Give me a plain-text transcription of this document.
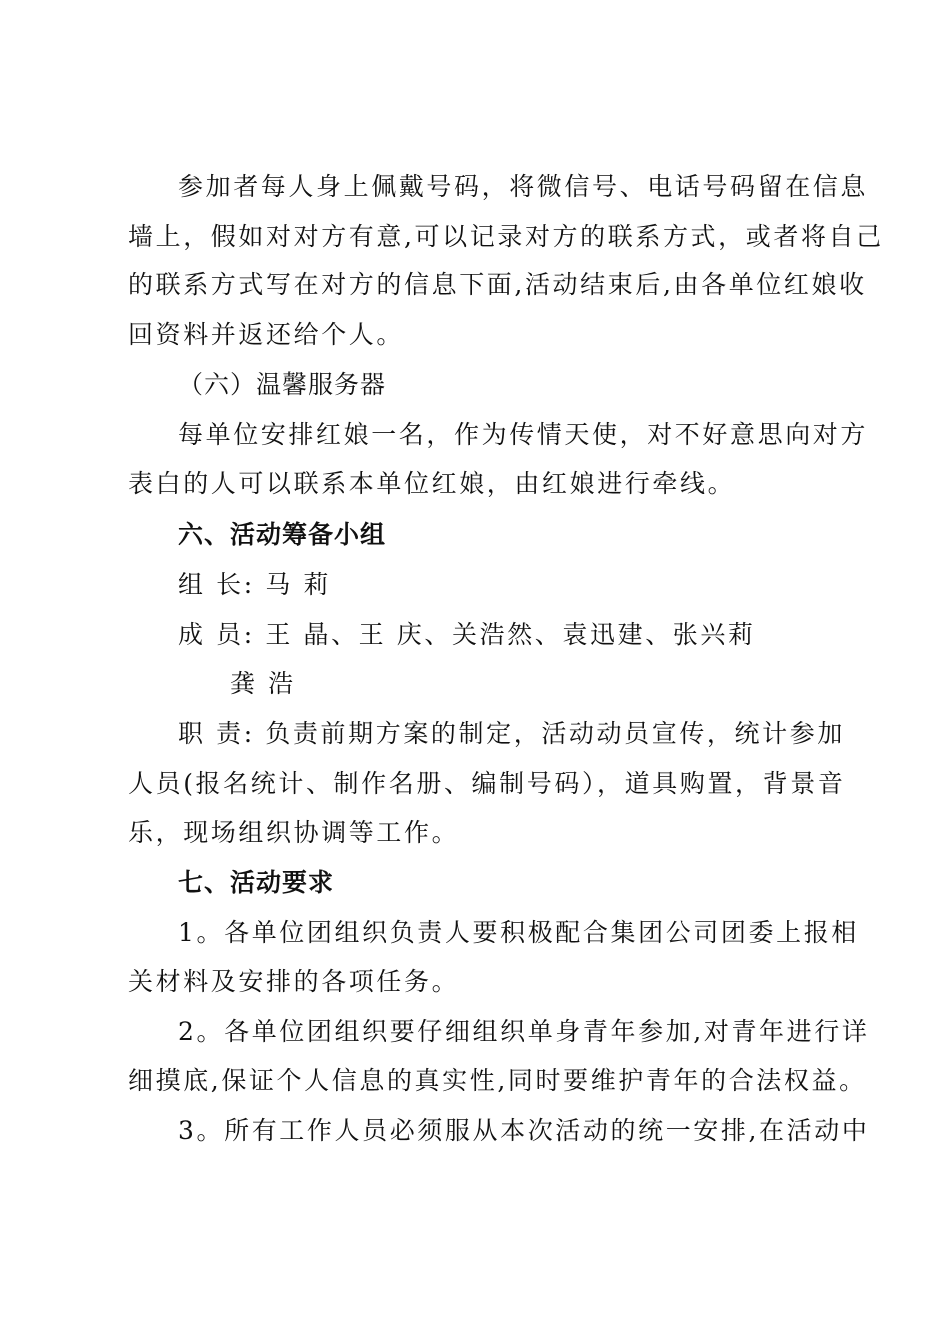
参加者每人身上佩戴号码，将微信号、电话号码留在信息
墙上，假如对对方有意,可以记录对方的联系方式，或者将自己
的联系方式写在对方的信息下面,活动结束后,由各单位红娘收
回资料并返还给个人。
（六）温馨服务器
每单位安排红娘一名，作为传情天使，对不好意思向对方
表白的人可以联系本单位红娘，由红娘进行牵线。
六、活动筹备小组
组 长: 马 莉
成 员: 王 晶、王 庆、关浩然、袁迅建、张兴莉
龚 浩
职 责: 负责前期方案的制定，活动动员宣传，统计参加
人员(报名统计、制作名册、编制号码），道具购置，背景音
乐，现场组织协调等工作。
七、活动要求
1。各单位团组织负责人要积极配合集团公司团委上报相
关材料及安排的各项任务。
2。各单位团组织要仔细组织单身青年参加,对青年进行详
细摸底,保证个人信息的真实性,同时要维护青年的合法权益。
3。所有工作人员必须服从本次活动的统一安排,在活动中
